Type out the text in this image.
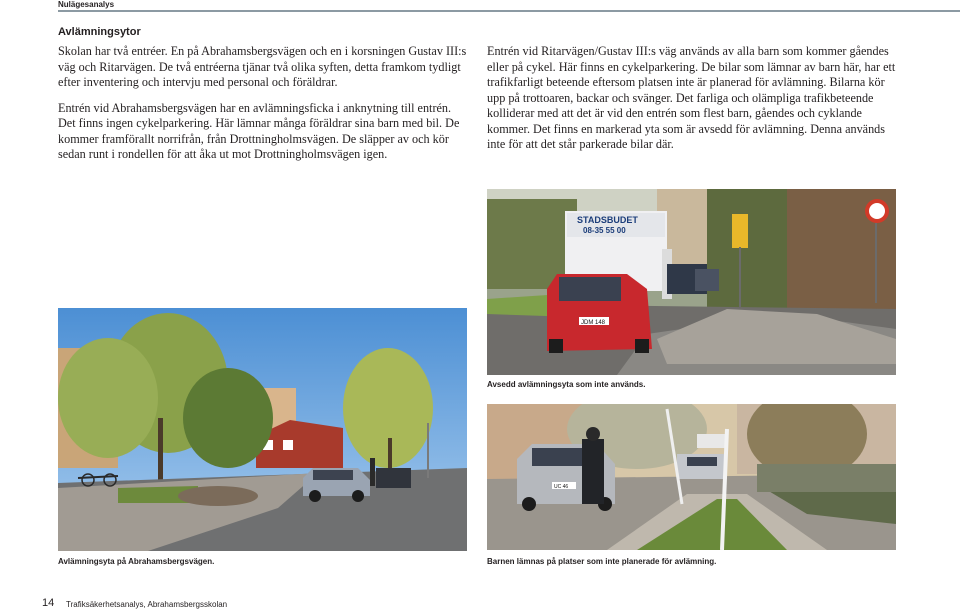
Nulägesanalys
Avlämningsytor

Skolan har två entréer. En på Abrahamsbergsvägen och en i korsningen Gustav III:s väg och Ritarvägen. De två entréerna tjänar två olika syften, detta framkom tydligt efter inventering och intervju med personal och föräldrar.

Entrén vid Abrahamsbergsvägen har en avlämningsficka i anknytning till entrén. Det finns ingen cykelparkering. Här lämnar många föräldrar sina barn med bil. De kommer framförallt norrifrån, från Drottningholmsvägen. De släpper av och kör sedan runt i rondellen för att åka ut mot Drottningholmsvägen igen.

Entrén vid Ritarvägen/Gustav III:s väg används av alla barn som kommer gåendes eller på cykel. Här finns en cykelparkering. De bilar som lämnar av barn här, har ett trafikfarligt beteende eftersom platsen inte är planerad för avlämning. Bilarna kör upp på trottoaren, backar och svänger. Det farliga och olämpliga trafikbeteende kolliderar med att det är vid den entrén som flest barn, gåendes och cyklande kommer. Det finns en markerad yta som är avsedd för avlämning. Denna används inte för att det står parkerade bilar där.

STADSBUDET
08-35 55 00
JDM 148
Avsedd avlämningsyta som inte används.
Avlämningsyta på Abrahamsbergsvägen.
UC 46
Barnen lämnas på platser som inte planerade för avlämning.
14 Trafiksäkerhetsanalys, Abrahamsbergsskolan
